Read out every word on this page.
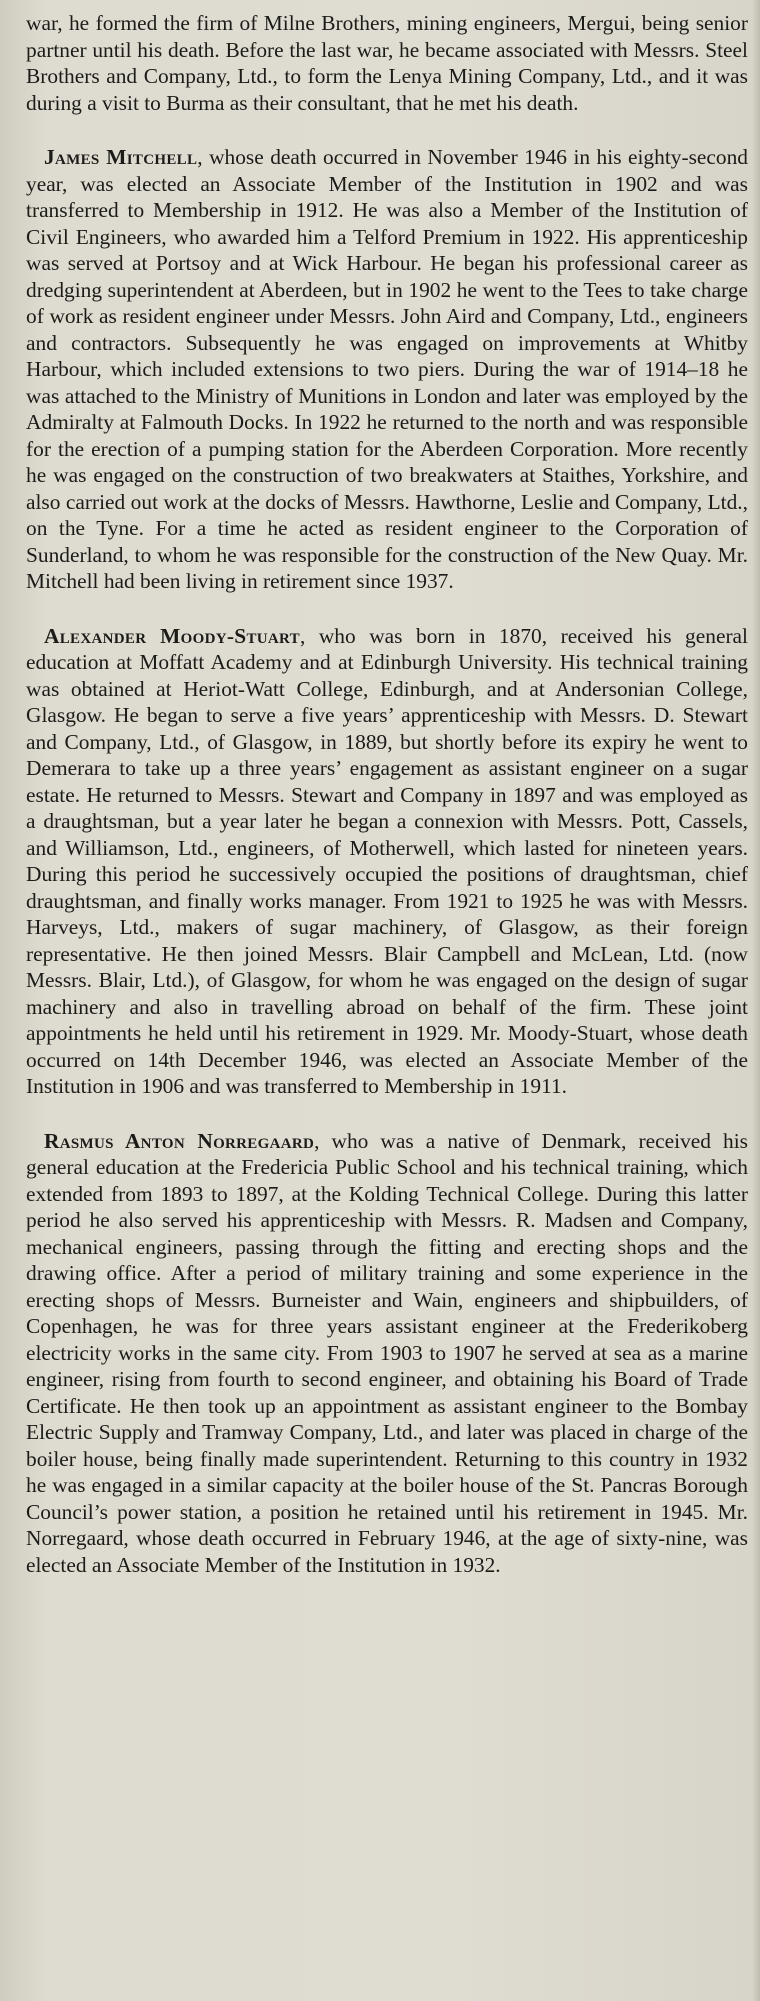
war, he formed the firm of Milne Brothers, mining engineers, Mergui, being senior partner until his death. Before the last war, he became associated with Messrs. Steel Brothers and Company, Ltd., to form the Lenya Mining Company, Ltd., and it was during a visit to Burma as their consultant, that he met his death.

James Mitchell, whose death occurred in November 1946 in his eighty-second year, was elected an Associate Member of the Institution in 1902 and was transferred to Membership in 1912. He was also a Member of the Institution of Civil Engineers, who awarded him a Telford Premium in 1922. His apprenticeship was served at Portsoy and at Wick Harbour. He began his professional career as dredging superintendent at Aberdeen, but in 1902 he went to the Tees to take charge of work as resident engineer under Messrs. John Aird and Company, Ltd., engineers and contractors. Subsequently he was engaged on improvements at Whitby Harbour, which included extensions to two piers. During the war of 1914–18 he was attached to the Ministry of Munitions in London and later was employed by the Admiralty at Falmouth Docks. In 1922 he returned to the north and was responsible for the erection of a pumping station for the Aberdeen Corporation. More recently he was engaged on the construction of two breakwaters at Staithes, Yorkshire, and also carried out work at the docks of Messrs. Hawthorne, Leslie and Company, Ltd., on the Tyne. For a time he acted as resident engineer to the Corporation of Sunderland, to whom he was responsible for the construction of the New Quay. Mr. Mitchell had been living in retirement since 1937.

Alexander Moody-Stuart, who was born in 1870, received his general education at Moffatt Academy and at Edinburgh University. His technical training was obtained at Heriot-Watt College, Edinburgh, and at Andersonian College, Glasgow. He began to serve a five years’ apprenticeship with Messrs. D. Stewart and Company, Ltd., of Glasgow, in 1889, but shortly before its expiry he went to Demerara to take up a three years’ engagement as assistant engineer on a sugar estate. He returned to Messrs. Stewart and Company in 1897 and was employed as a draughtsman, but a year later he began a connexion with Messrs. Pott, Cassels, and Williamson, Ltd., engineers, of Motherwell, which lasted for nineteen years. During this period he successively occupied the positions of draughtsman, chief draughtsman, and finally works manager. From 1921 to 1925 he was with Messrs. Harveys, Ltd., makers of sugar machinery, of Glasgow, as their foreign representative. He then joined Messrs. Blair Campbell and McLean, Ltd. (now Messrs. Blair, Ltd.), of Glasgow, for whom he was engaged on the design of sugar machinery and also in travelling abroad on behalf of the firm. These joint appointments he held until his retirement in 1929. Mr. Moody-Stuart, whose death occurred on 14th December 1946, was elected an Associate Member of the Institution in 1906 and was transferred to Membership in 1911.

Rasmus Anton Norregaard, who was a native of Denmark, received his general education at the Fredericia Public School and his technical training, which extended from 1893 to 1897, at the Kolding Technical College. During this latter period he also served his apprenticeship with Messrs. R. Madsen and Company, mechanical engineers, passing through the fitting and erecting shops and the drawing office. After a period of military training and some experience in the erecting shops of Messrs. Burneister and Wain, engineers and shipbuilders, of Copenhagen, he was for three years assistant engineer at the Frederikoberg electricity works in the same city. From 1903 to 1907 he served at sea as a marine engineer, rising from fourth to second engineer, and obtaining his Board of Trade Certificate. He then took up an appointment as assistant engineer to the Bombay Electric Supply and Tramway Company, Ltd., and later was placed in charge of the boiler house, being finally made superintendent. Returning to this country in 1932 he was engaged in a similar capacity at the boiler house of the St. Pancras Borough Council’s power station, a position he retained until his retirement in 1945. Mr. Norregaard, whose death occurred in February 1946, at the age of sixty-nine, was elected an Associate Member of the Institution in 1932.
